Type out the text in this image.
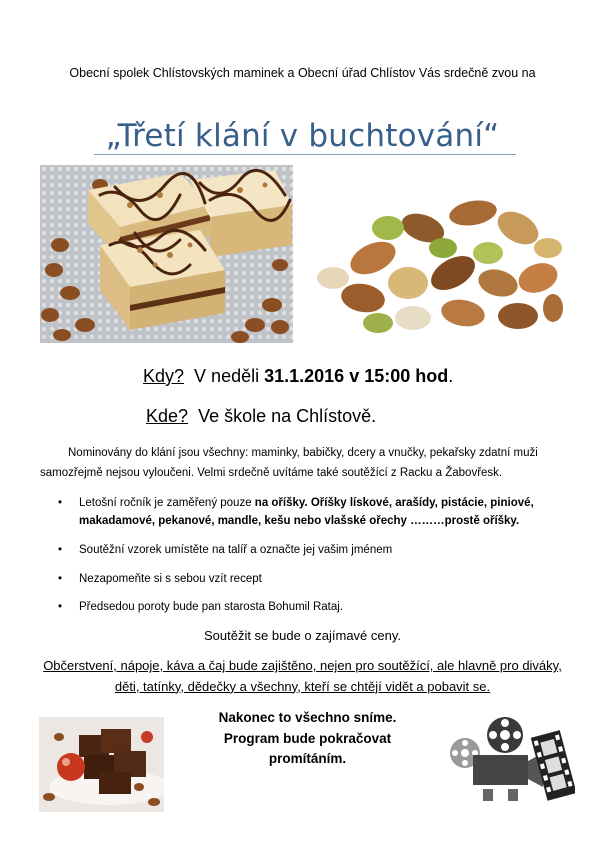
Obecní spolek Chlístovských maminek a Obecní úřad Chlístov Vás srdečně zvou na
„Třetí klání v buchtování“
Kdy? V neděli 31.1.2016 v 15:00 hod.
Kde? Ve škole na Chlístově.
Nominovány do klání jsou všechny: maminky, babičky, dcery a vnučky, pekařsky zdatní muži samozřejmě nejsou vyloučeni. Velmi srdečně uvítáme také soutěžící z Racku a Žabovřesk.
• Letošní ročník je zaměřený pouze na oříšky. Oříšky lískové, arašídy, pistácie, piniové, makadamové, pekanové, mandle, kešu nebo vlašské ořechy ………prostě oříšky.
• Soutěžní vzorek umístěte na talíř a označte jej vašim jménem
• Nezapomeňte si s sebou vzít recept
• Předsedou poroty bude pan starosta Bohumil Rataj.
Soutěžit se bude o zajímavé ceny.
Občerstvení, nápoje, káva a čaj bude zajištěno, nejen pro soutěžící, ale hlavně pro diváky, děti, tatínky, dědečky a všechny, kteří se chtějí vidět a pobavit se.
Nakonec to všechno sníme. Program bude pokračovat promítáním.
